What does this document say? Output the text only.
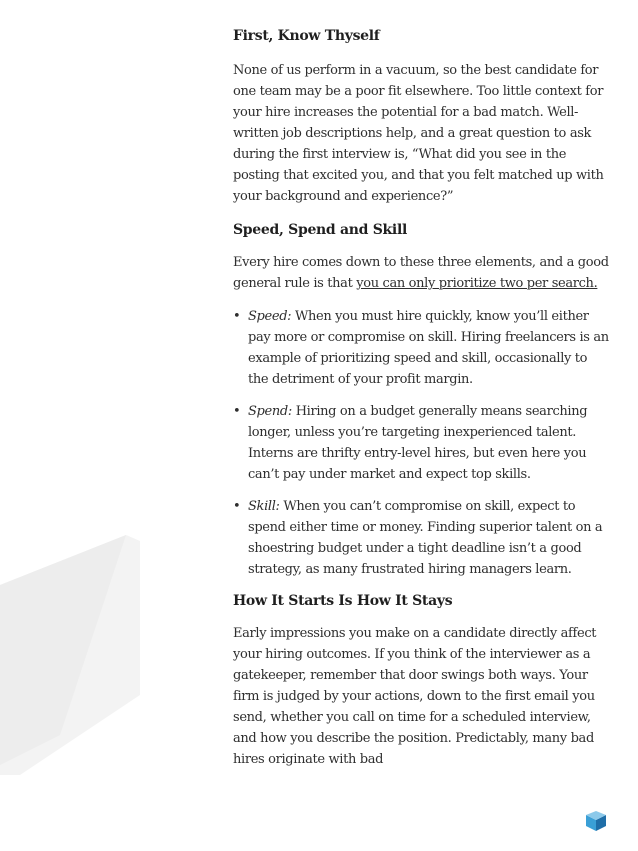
First, Know Thyself

None of us perform in a vacuum, so the best candidate for one team may be a poor fit elsewhere. Too little context for your hire increases the potential for a bad match. Well-written job descriptions help, and a great question to ask during the first interview is, “What did you see in the posting that excited you, and that you felt matched up with your background and experience?”

Speed, Spend and Skill

Every hire comes down to these three elements, and a good general rule is that you can only prioritize two per search.

• Speed: When you must hire quickly, know you’ll either pay more or compromise on skill. Hiring freelancers is an example of prioritizing speed and skill, occasionally to the detriment of your profit margin.
• Spend: Hiring on a budget generally means searching longer, unless you’re targeting inexperienced talent. Interns are thrifty entry-level hires, but even here you can’t pay under market and expect top skills.
• Skill: When you can’t compromise on skill, expect to spend either time or money. Finding superior talent on a shoestring budget under a tight deadline isn’t a good strategy, as many frustrated hiring managers learn.
How It Starts Is How It Stays

Early impressions you make on a candidate directly affect your hiring outcomes. If you think of the interviewer as a gatekeeper, remember that door swings both ways. Your firm is judged by your actions, down to the first email you send, whether you call on time for a scheduled interview, and how you describe the position. Predictably, many bad hires originate with bad
